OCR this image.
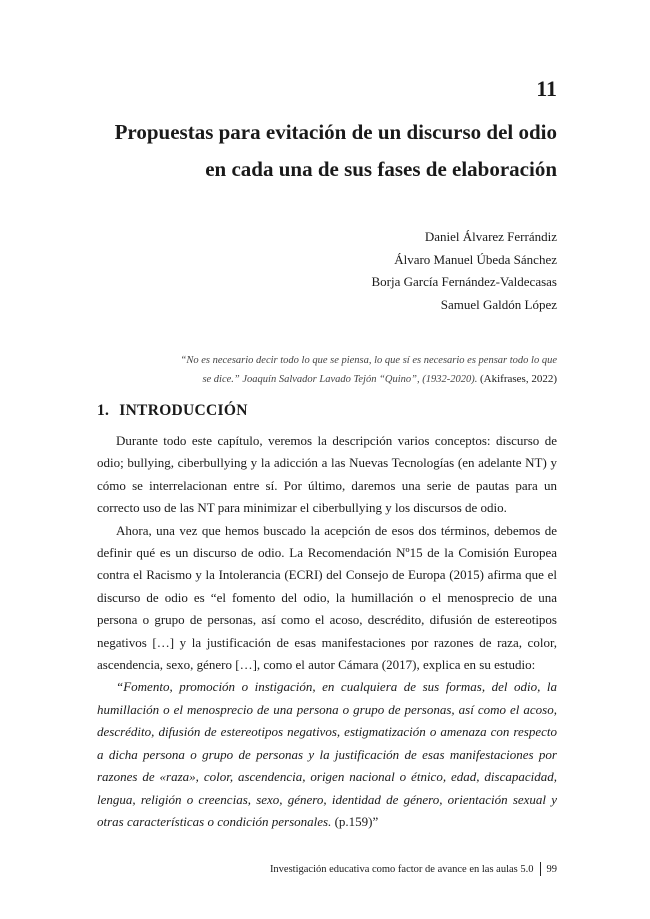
11
Propuestas para evitación de un discurso del odio
en cada una de sus fases de elaboración
Daniel Álvarez Ferrándiz
Álvaro Manuel Úbeda Sánchez
Borja García Fernández-Valdecasas
Samuel Galdón López
“No es necesario decir todo lo que se piensa, lo que sí es necesario es pensar todo lo que
se dice.” Joaquín Salvador Lavado Tejón “Quino”, (1932-2020). (Akifrases, 2022)
1. INTRODUCCIÓN

Durante todo este capítulo, veremos la descripción varios conceptos: discurso de odio; bullying, ciberbullying y la adicción a las Nuevas Tecnologías (en adelante NT) y cómo se interrelacionan entre sí. Por último, daremos una serie de pautas para un correcto uso de las NT para minimizar el ciberbullying y los discursos de odio.

Ahora, una vez que hemos buscado la acepción de esos dos términos, debemos de definir qué es un discurso de odio. La Recomendación Nº15 de la Comisión Europea contra el Racismo y la Intolerancia (ECRI) del Consejo de Europa (2015) afirma que el discurso de odio es “el fomento del odio, la humillación o el menosprecio de una persona o grupo de personas, así como el acoso, descrédito, difusión de estereotipos negativos […] y la justificación de esas manifestaciones por razones de raza, color, ascendencia, sexo, género […], como el autor Cámara (2017), explica en su estudio:

“Fomento, promoción o instigación, en cualquiera de sus formas, del odio, la humillación o el menosprecio de una persona o grupo de personas, así como el acoso, descrédito, difusión de estereotipos negativos, estigmatización o amenaza con respecto a dicha persona o grupo de personas y la justificación de esas manifestaciones por razones de «raza», color, ascendencia, origen nacional o étnico, edad, discapacidad, lengua, religión o creencias, sexo, género, identidad de género, orientación sexual y otras características o condición personales. (p.159)”

Investigación educativa como factor de avance en las aulas 5.0 99
